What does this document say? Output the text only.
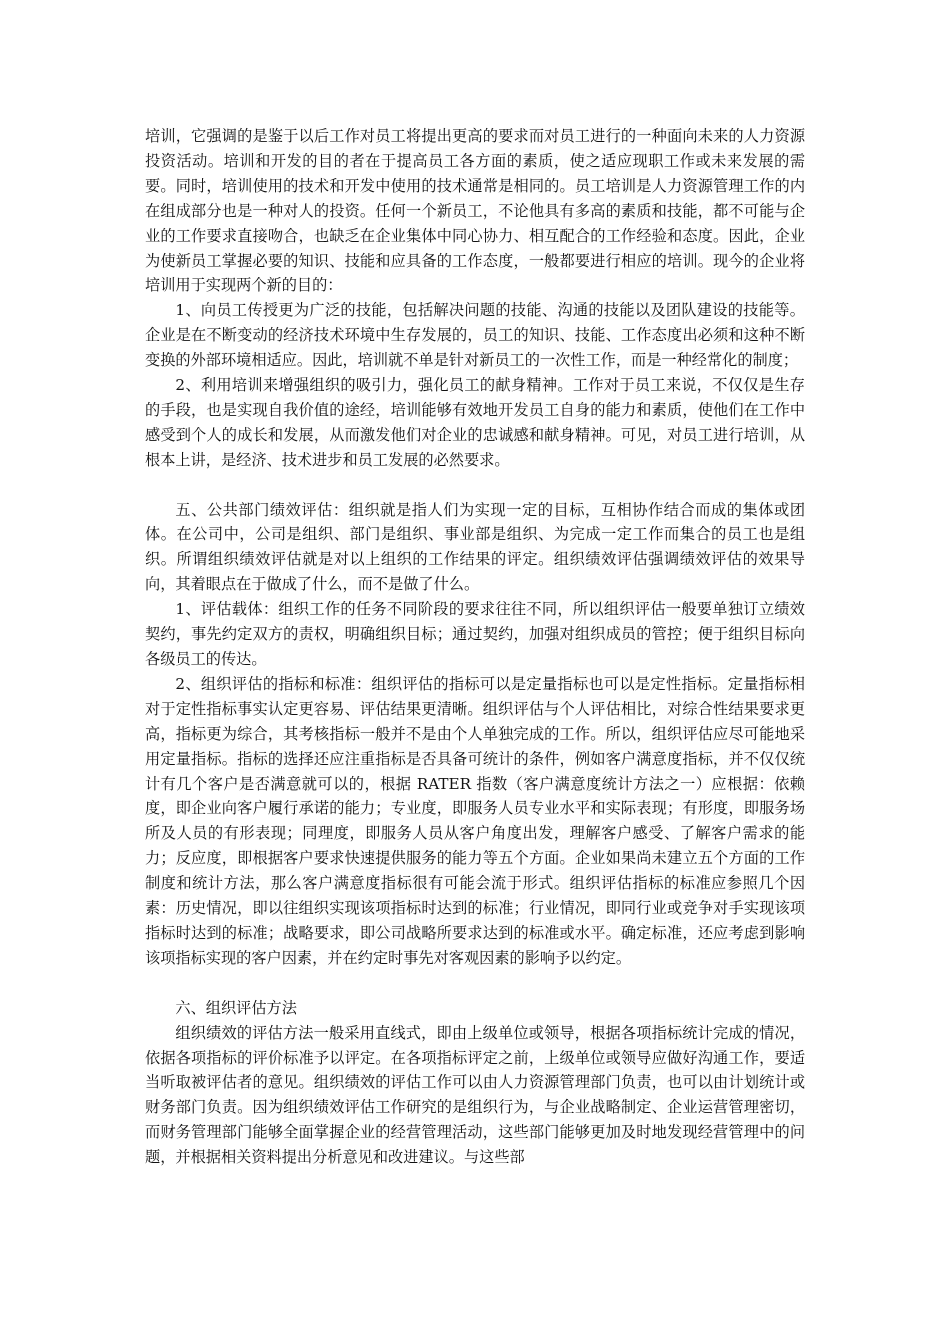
培训，它强调的是鉴于以后工作对员工将提出更高的要求而对员工进行的一种面向未来的人力资源投资活动。培训和开发的目的者在于提高员工各方面的素质，使之适应现职工作或未来发展的需要。同时，培训使用的技术和开发中使用的技术通常是相同的。员工培训是人力资源管理工作的内在组成部分也是一种对人的投资。任何一个新员工，不论他具有多高的素质和技能，都不可能与企业的工作要求直接吻合，也缺乏在企业集体中同心协力、相互配合的工作经验和态度。因此，企业为使新员工掌握必要的知识、技能和应具备的工作态度，一般都要进行相应的培训。现今的企业将培训用于实现两个新的目的：

1、向员工传授更为广泛的技能，包括解决问题的技能、沟通的技能以及团队建设的技能等。企业是在不断变动的经济技术环境中生存发展的，员工的知识、技能、工作态度出必须和这种不断变换的外部环境相适应。因此，培训就不单是针对新员工的一次性工作，而是一种经常化的制度；

2、利用培训来增强组织的吸引力，强化员工的献身精神。工作对于员工来说，不仅仅是生存的手段，也是实现自我价值的途经，培训能够有效地开发员工自身的能力和素质，使他们在工作中感受到个人的成长和发展，从而激发他们对企业的忠诚感和献身精神。可见，对员工进行培训，从根本上讲，是经济、技术进步和员工发展的必然要求。

五、公共部门绩效评估：组织就是指人们为实现一定的目标，互相协作结合而成的集体或团体。在公司中，公司是组织、部门是组织、事业部是组织、为完成一定工作而集合的员工也是组织。所谓组织绩效评估就是对以上组织的工作结果的评定。组织绩效评估强调绩效评估的效果导向，其着眼点在于做成了什么，而不是做了什么。

1、评估载体：组织工作的任务不同阶段的要求往往不同，所以组织评估一般要单独订立绩效契约，事先约定双方的责权，明确组织目标；通过契约，加强对组织成员的管控；便于组织目标向各级员工的传达。

2、组织评估的指标和标准：组织评估的指标可以是定量指标也可以是定性指标。定量指标相对于定性指标事实认定更容易、评估结果更清晰。组织评估与个人评估相比，对综合性结果要求更高，指标更为综合，其考核指标一般并不是由个人单独完成的工作。所以，组织评估应尽可能地采用定量指标。指标的选择还应注重指标是否具备可统计的条件，例如客户满意度指标，并不仅仅统计有几个客户是否满意就可以的，根据 RATER 指数（客户满意度统计方法之一）应根据：依赖度，即企业向客户履行承诺的能力；专业度，即服务人员专业水平和实际表现；有形度，即服务场所及人员的有形表现；同理度，即服务人员从客户角度出发，理解客户感受、了解客户需求的能力；反应度，即根据客户要求快速提供服务的能力等五个方面。企业如果尚未建立五个方面的工作制度和统计方法，那么客户满意度指标很有可能会流于形式。组织评估指标的标准应参照几个因素：历史情况，即以往组织实现该项指标时达到的标准；行业情况，即同行业或竞争对手实现该项指标时达到的标准；战略要求，即公司战略所要求达到的标准或水平。确定标准，还应考虑到影响该项指标实现的客户因素，并在约定时事先对客观因素的影响予以约定。

六、组织评估方法

组织绩效的评估方法一般采用直线式，即由上级单位或领导，根据各项指标统计完成的情况，依据各项指标的评价标准予以评定。在各项指标评定之前，上级单位或领导应做好沟通工作，要适当听取被评估者的意见。组织绩效的评估工作可以由人力资源管理部门负责，也可以由计划统计或财务部门负责。因为组织绩效评估工作研究的是组织行为，与企业战略制定、企业运营管理密切，而财务管理部门能够全面掌握企业的经营管理活动，这些部门能够更加及时地发现经营管理中的问题，并根据相关资料提出分析意见和改进建议。与这些部
